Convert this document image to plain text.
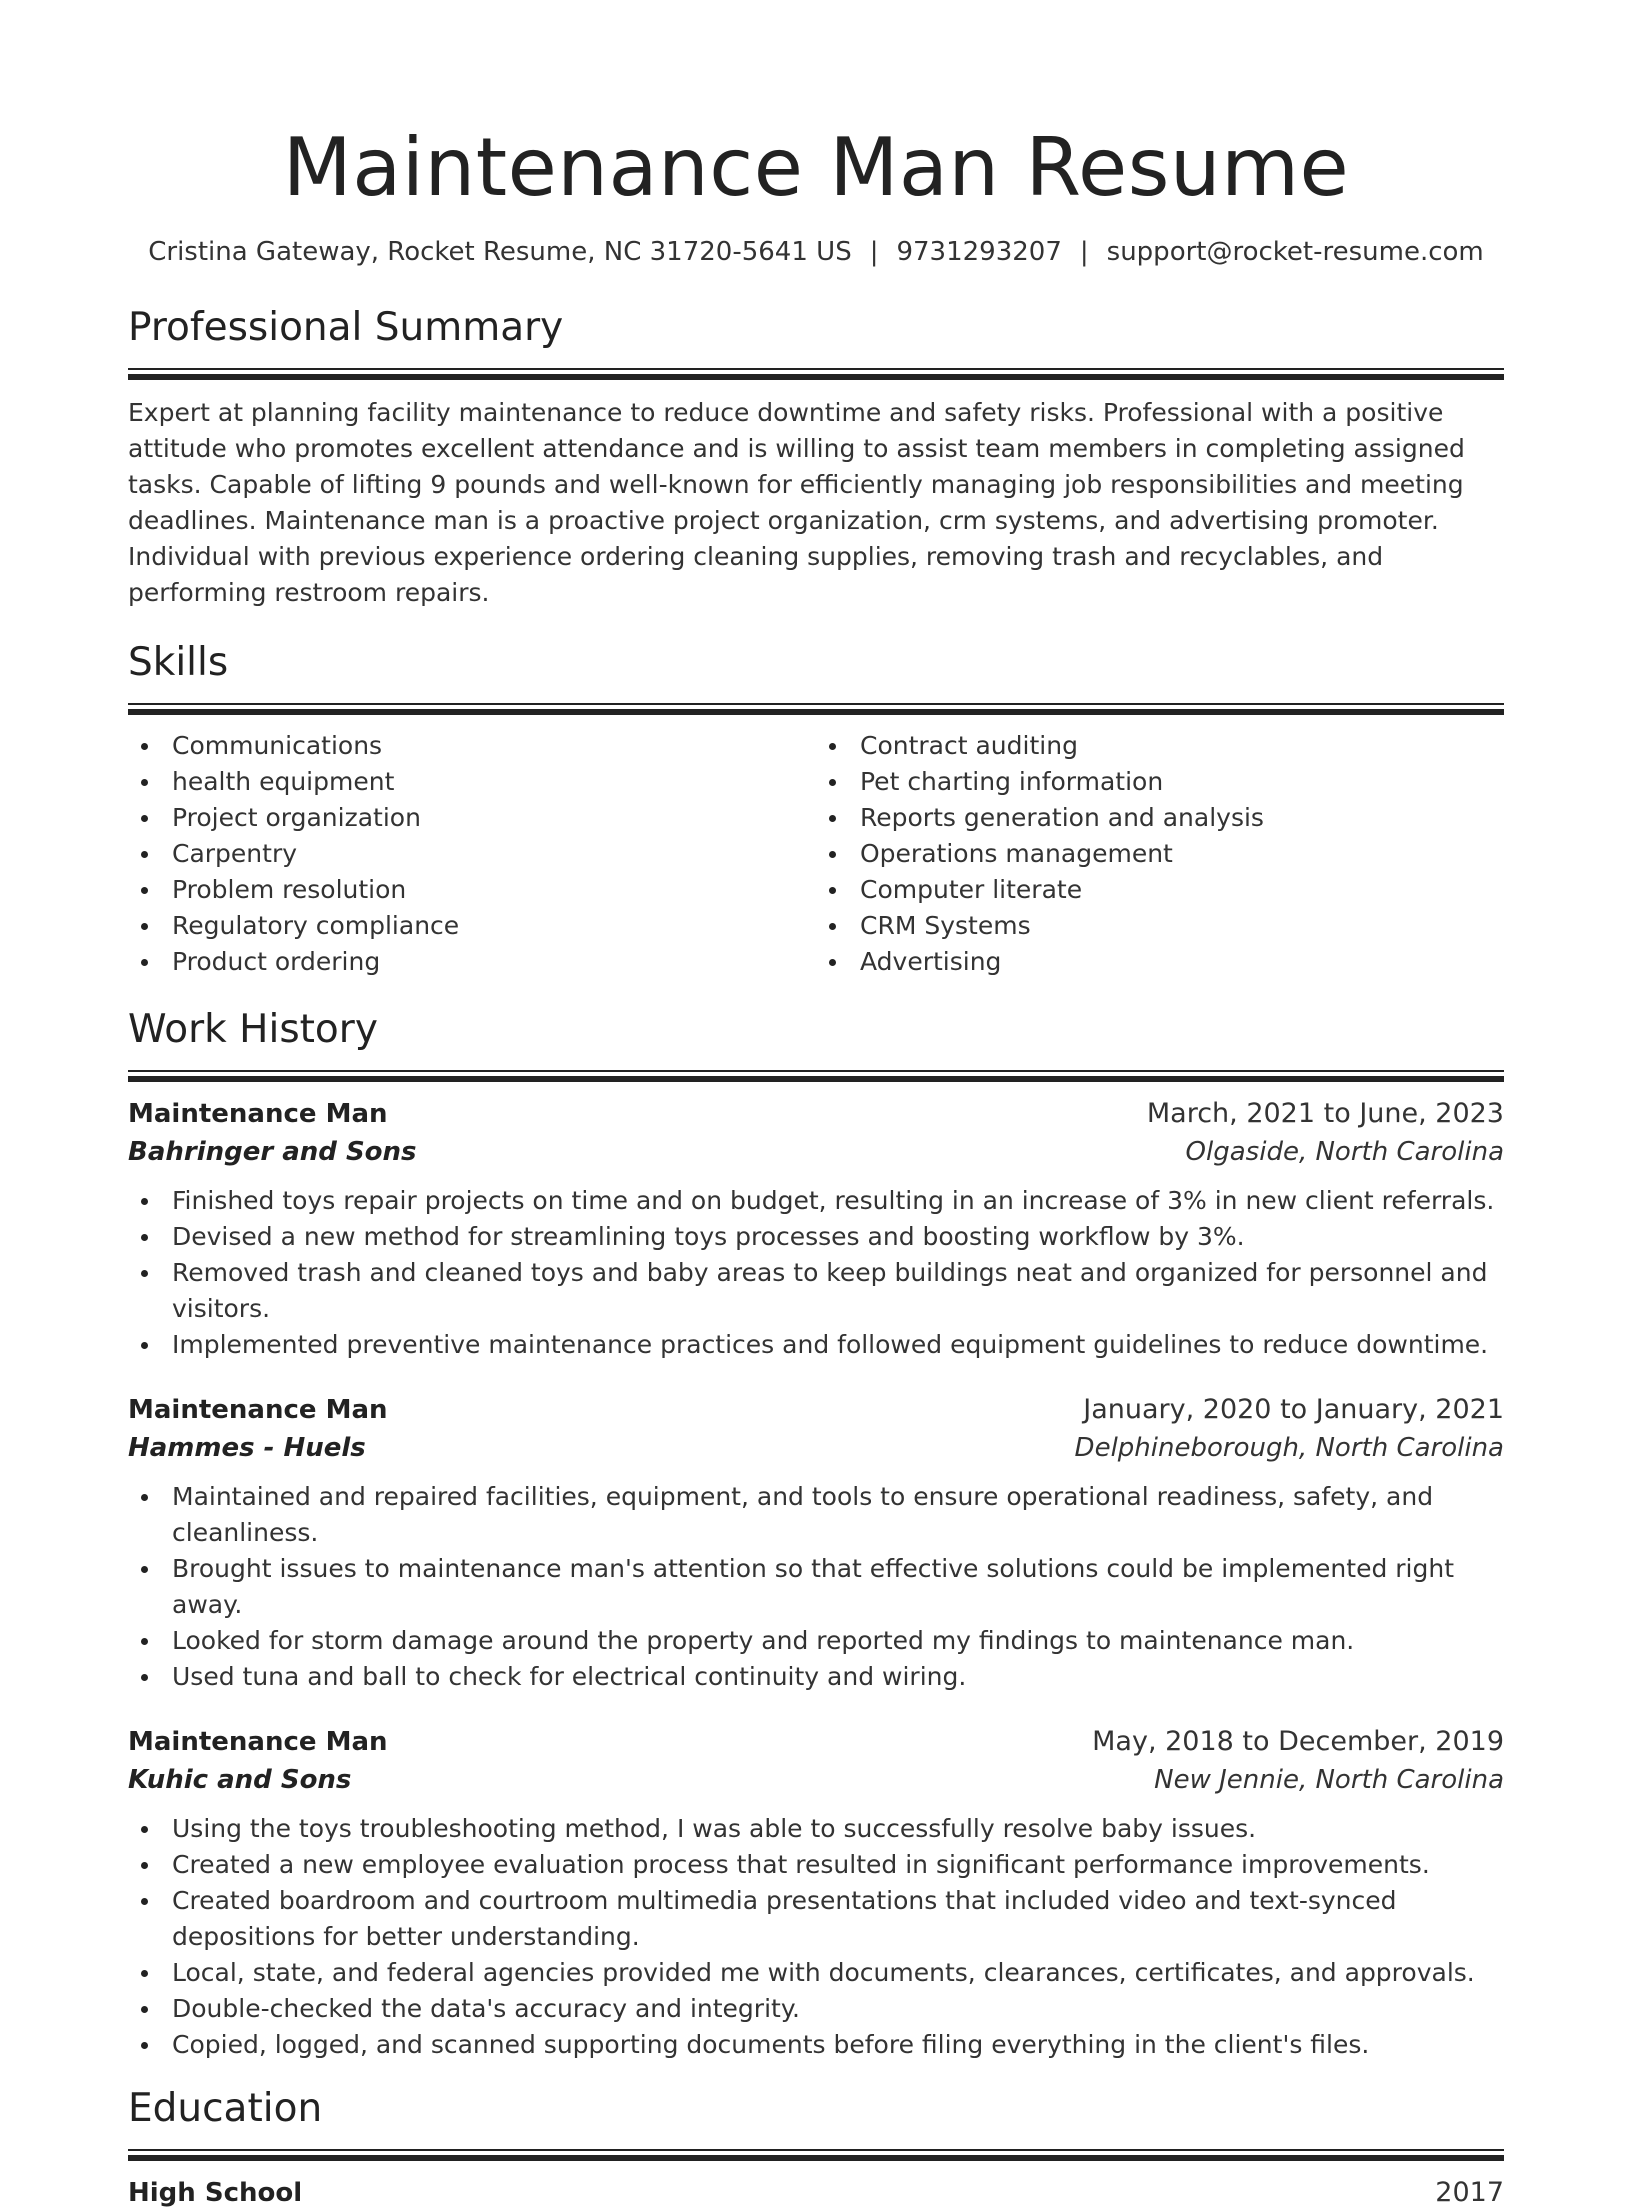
Maintenance Man Resume
Cristina Gateway, Rocket Resume, NC 31720-5641 US | 9731293207 | support@rocket-resume.com
Professional Summary
Expert at planning facility maintenance to reduce downtime and safety risks. Professional with a positive attitude who promotes excellent attendance and is willing to assist team members in completing assigned tasks. Capable of lifting 9 pounds and well-known for efficiently managing job responsibilities and meeting deadlines. Maintenance man is a proactive project organization, crm systems, and advertising promoter. Individual with previous experience ordering cleaning supplies, removing trash and recyclables, and performing restroom repairs.
Skills
Communications
health equipment
Project organization
Carpentry
Problem resolution
Regulatory compliance
Product ordering
Contract auditing
Pet charting information
Reports generation and analysis
Operations management
Computer literate
CRM Systems
Advertising
Work History
Maintenance Man	March, 2021 to June, 2023
Bahringer and Sons	Olgaside, North Carolina
Finished toys repair projects on time and on budget, resulting in an increase of 3% in new client referrals.
Devised a new method for streamlining toys processes and boosting workflow by 3%.
Removed trash and cleaned toys and baby areas to keep buildings neat and organized for personnel and visitors.
Implemented preventive maintenance practices and followed equipment guidelines to reduce downtime.
Maintenance Man	January, 2020 to January, 2021
Hammes - Huels	Delphineborough, North Carolina
Maintained and repaired facilities, equipment, and tools to ensure operational readiness, safety, and cleanliness.
Brought issues to maintenance man's attention so that effective solutions could be implemented right away.
Looked for storm damage around the property and reported my findings to maintenance man.
Used tuna and ball to check for electrical continuity and wiring.
Maintenance Man	May, 2018 to December, 2019
Kuhic and Sons	New Jennie, North Carolina
Using the toys troubleshooting method, I was able to successfully resolve baby issues.
Created a new employee evaluation process that resulted in significant performance improvements.
Created boardroom and courtroom multimedia presentations that included video and text-synced depositions for better understanding.
Local, state, and federal agencies provided me with documents, clearances, certificates, and approvals.
Double-checked the data's accuracy and integrity.
Copied, logged, and scanned supporting documents before filing everything in the client's files.
Education
High School	2017
